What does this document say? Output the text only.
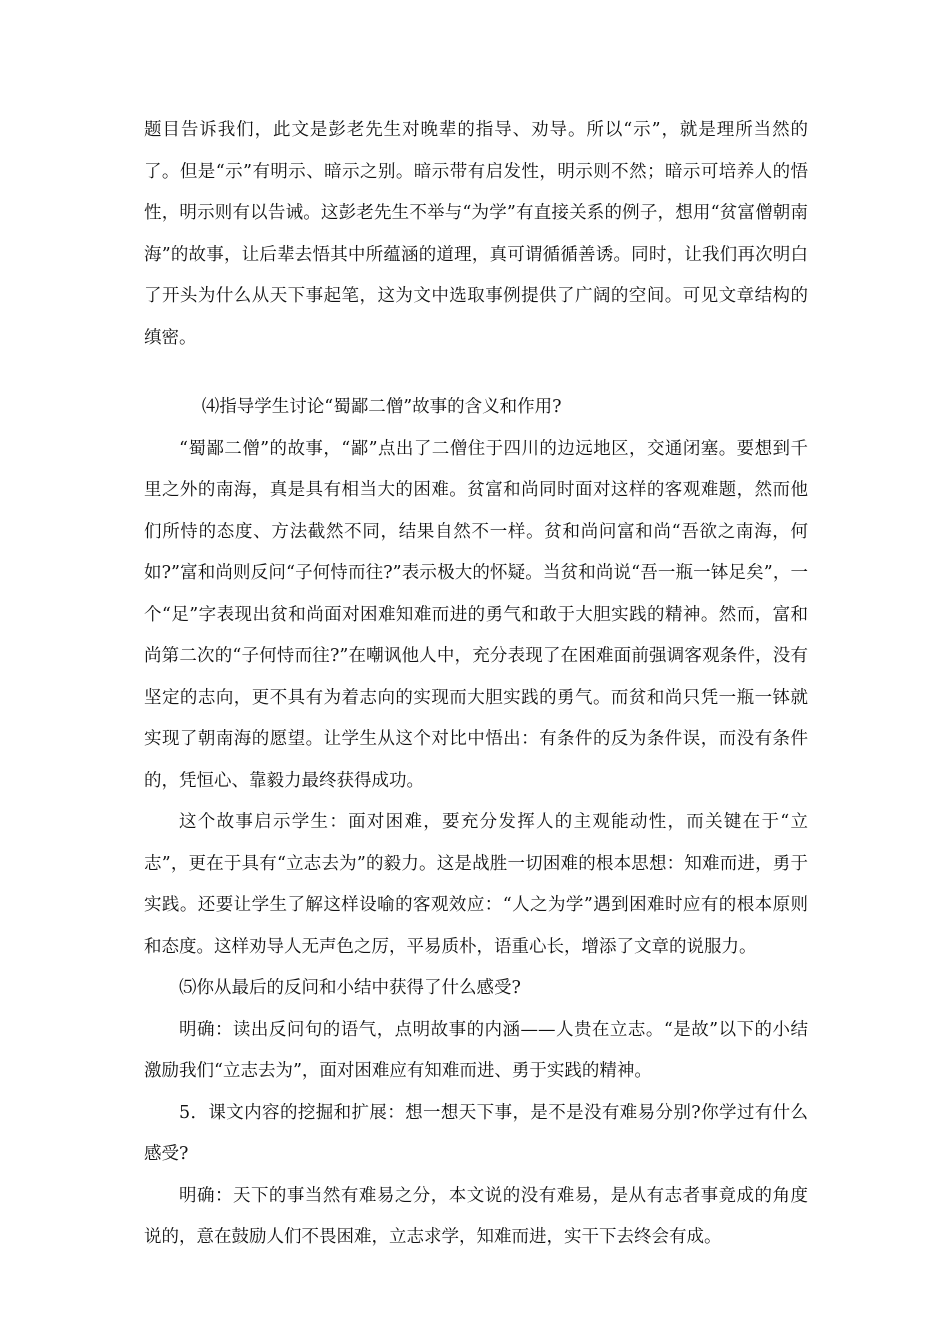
题目告诉我们，此文是彭老先生对晚辈的指导、劝导。所以“示”，就是理所当然的了。但是“示”有明示、暗示之别。暗示带有启发性，明示则不然；暗示可培养人的悟性，明示则有以告诫。这彭老先生不举与“为学”有直接关系的例子，想用“贫富僧朝南海”的故事，让后辈去悟其中所蕴涵的道理，真可谓循循善诱。同时，让我们再次明白了开头为什么从天下事起笔，这为文中选取事例提供了广阔的空间。可见文章结构的缜密。

⑷指导学生讨论“蜀鄙二僧”故事的含义和作用?

“蜀鄙二僧”的故事，“鄙”点出了二僧住于四川的边远地区，交通闭塞。要想到千里之外的南海，真是具有相当大的困难。贫富和尚同时面对这样的客观难题，然而他们所恃的态度、方法截然不同，结果自然不一样。贫和尚问富和尚“吾欲之南海，何如?”富和尚则反问“子何恃而往?”表示极大的怀疑。当贫和尚说“吾一瓶一钵足矣”，一个“足”字表现出贫和尚面对困难知难而进的勇气和敢于大胆实践的精神。然而，富和尚第二次的“子何恃而往?”在嘲讽他人中，充分表现了在困难面前强调客观条件，没有坚定的志向，更不具有为着志向的实现而大胆实践的勇气。而贫和尚只凭一瓶一钵就实现了朝南海的愿望。让学生从这个对比中悟出：有条件的反为条件误，而没有条件的，凭恒心、靠毅力最终获得成功。

这个故事启示学生：面对困难，要充分发挥人的主观能动性，而关键在于“立志”，更在于具有“立志去为”的毅力。这是战胜一切困难的根本思想：知难而进，勇于实践。还要让学生了解这样设喻的客观效应：“人之为学”遇到困难时应有的根本原则和态度。这样劝导人无声色之厉，平易质朴，语重心长，增添了文章的说服力。

⑸你从最后的反问和小结中获得了什么感受?

明确：读出反问句的语气，点明故事的内涵——人贵在立志。“是故”以下的小结激励我们“立志去为”，面对困难应有知难而进、勇于实践的精神。

5．课文内容的挖掘和扩展：想一想天下事，是不是没有难易分别?你学过有什么感受?

明确：天下的事当然有难易之分，本文说的没有难易，是从有志者事竟成的角度说的，意在鼓励人们不畏困难，立志求学，知难而进，实干下去终会有成。
